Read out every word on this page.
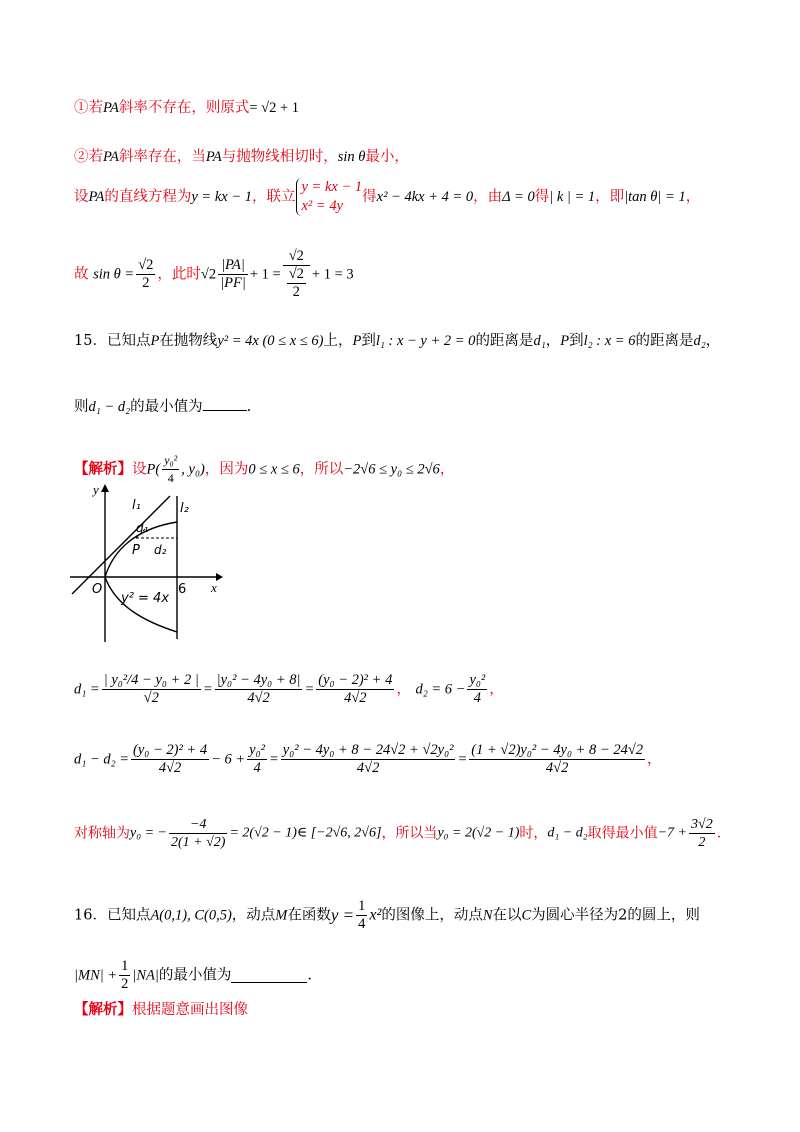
①若PA斜率不存在，则原式= √2 + 1
②若PA斜率存在，当PA与抛物线相切时，sin θ最小，
设PA的直线方程为y = kx − 1，联立
y = kx − 1
x² = 4y
得x² − 4kx + 4 = 0，由Δ = 0得| k | = 1，即|tan θ| = 1，
故 $\sin \theta = \frac{√2}{2}$ ，此时$√2 \frac{|PA|}{|PF|} + 1 = \frac{√2}{\frac{√2}{2}} + 1 = 3$
15．已知点P在抛物线y² = 4x (0 ≤ x ≤ 6)上，P到l₁ : x − y + 2 = 0的距离是d₁，P到l₂ : x = 6的距离是d₂，
则d₁ − d₂的最小值为	.
【解析】设$P( \frac{\text{y₀²}}{4}$ , y₀)，因为0 ≤ x ≤ 6，所以−2√6 ≤ y₀ ≤ 2√6，
y
x
l₁	l₂
d₁
P d₂
O	6
y² = 4x
$d_1 = \frac{\text{| y₀²/4 − y₀ + 2 |}}{√2} = \frac{\text{|y₀² − 4y₀ + 8|}}{4√2} = \frac{\text{(y₀ − 2)² + 4}}{4√2}$ ， $d_2 = 6 - \frac{\text{y₀²}}{4}$ ，
$d_1 - d_2 = \frac{\text{(y₀ − 2)² + 4}}{4√2} - 6 + \frac{\text{y₀²}}{4} = \frac{\text{y₀² − 4y₀ + 8 − 24√2 + √2y₀²}}{4√2} = \frac{\text{(1 + √2)y₀² − 4y₀ + 8 − 24√2}}{4√2}$ ，
对称轴为y₀ = − $\frac{-4}{2(1 + √2)} = 2(√2$ − 1)∈ [−2√6, 2√6]，所以当y₀ = 2(√2 − 1)时，d₁ − d₂取得最小值$-7 + \frac{3√2}{2}$ .
16．已知点A(0,1), C(0,5)，动点M在函数$y = \frac{1}{4} x^2$的图像上，动点N在以C为圆心半径为2的圆上，则
$|MN| + \frac{1}{2} |NA|$的最小值为	.
【解析】根据题意画出图像
